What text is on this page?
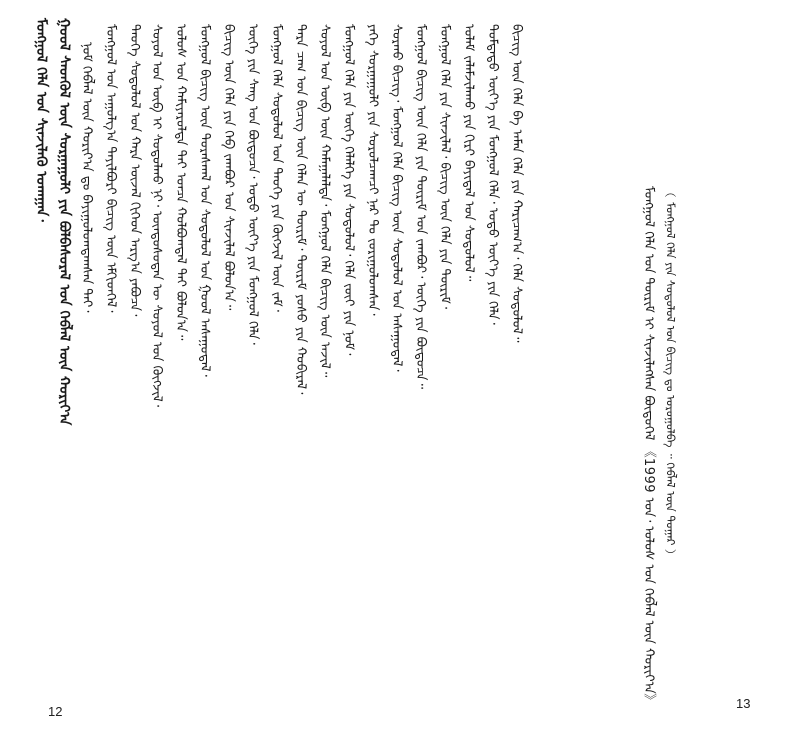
ᠮᠣᠩᠭᠣᠯ ᠬᠡᠯᠡ ᠤᠨ ᠰᠢᠨᠵᠢᠯᠡᠬᠦ ᠤᠬᠠᠭᠠᠨ᠂ ᠭᠤᠣᠯ ᠰᠡᠳᠬᠦᠯ ᠦᠨ ᠰᠤᠷᠭᠠᠭᠤᠯᠢ ᠶᠢᠨ ᠪᠣᠯᠪᠠᠰᠤᠷᠠᠯ ᠤᠨ ᠬᠡᠪᠯᠡᠯ ᠦᠨ ᠬᠣᠷᠢᠶ᠎ᠠ ᠨᠣᠮ ᠬᠡᠪᠯᠡᠯ ᠦᠨ ᠬᠣᠷᠢᠶ᠎ᠠ ᠳᠤ ᠪᠠᠶᠢᠭᠤᠯᠤᠭᠳᠠᠭᠰᠠᠨ ᠲᠠᠢ᠂ ᠮᠣᠩᠭᠣᠯ ᠤᠨ ᠠᠭᠤᠯᠭ᠎ᠠ ᠲᠠᠶᠢᠯᠪᠤᠷᠢ ᠪᠢᠴᠢᠭ ᠦᠨ ᠡᠮᠬᠢᠳᠬᠡᠯ᠂ ᠲᠡᠦᠬᠡ ᠰᠤᠳᠤᠯᠤᠯ ᠤᠨ ᠬᠠᠷᠠ ᠦᠵᠡᠯ ᠬᠢᠭᠡᠳ ᠠᠷᠭ᠎ᠠ ᠶᠠᠪᠤᠴᠠ᠂ ᠰᠣᠶᠣᠯ ᠤᠨ ᠥᠪ ᠢ ᠰᠤᠳᠤᠯᠬᠤ ᠨᠢ᠂ ᠦᠨᠳᠦᠰᠦᠲᠡᠨ ᠦ ᠰᠣᠶᠣᠯ ᠤᠨ ᠬᠥᠭᠵᠢᠯ᠂ ᠤᠯᠤᠰ ᠤᠨ ᠬᠠᠮᠢᠶᠠᠷᠤᠯᠲᠠ ᠲᠠᠢ ᠣᠨᠴᠠ ᠬᠣᠯᠪᠣᠭᠳᠠᠯ ᠲᠠᠢ ᠪᠣᠯᠤᠨ᠎ᠠ᠃ ᠮᠣᠩᠭᠣᠯ ᠪᠢᠴᠢᠭ ᠦᠨ ᠳᠤᠷᠠᠰᠬᠠᠯ ᠤᠨ ᠰᠤᠳᠤᠯᠤᠯ ᠤᠨ ᠭᠣᠣᠯ ᠠᠰᠠᠭᠤᠳᠠᠯ᠂ ᠪᠢᠴᠢᠭ᠌ ᠦᠨ ᠬᠡᠯᠡ ᠶᠢᠨ ᠬᠡᠪ ᠵᠠᠭᠪᠤᠷ ᠤᠨ ᠰᠢᠨᠵᠢᠯᠡᠯ ᠪᠣᠯᠤᠨ᠎ᠠ᠃ ᠦᠭᠡ ᠶᠢᠨ ᠰᠠᠩ ᠤᠨ ᠪᠦᠲᠦᠴᠡ᠂ ᠣᠳᠣ ᠦᠶ᠎ᠡ ᠶᠢᠨ ᠮᠣᠩᠭᠣᠯ ᠬᠡᠯᠡ᠂ ᠮᠣᠩᠭᠣᠯ ᠬᠡᠯᠡ ᠰᠤᠳᠤᠯᠤᠯ ᠤᠨ ᠲᠡᠦᠬᠡ ᠶᠢᠨ ᠬᠥᠭᠵᠢᠯ ᠦᠨ ᠵᠠᠮ᠂ ᠲᠡᠷᠡ ᠴᠠᠭ ᠤᠨ ᠪᠢᠴᠢᠭ ᠦᠨ ᠬᠡᠯᠡᠨ ᠦ ᠳᠦᠷᠢᠮ᠂ ᠳᠦᠷᠢᠮ ᠶᠣᠰᠣ ᠶᠢᠨ ᠬᠤᠪᠢᠷᠠᠯ᠂ ᠰᠣᠶᠣᠯ ᠤᠨ ᠥᠪ ᠦᠨ ᠬᠠᠮᠠᠭᠠᠯᠠᠯᠲᠠ᠂ ᠮᠣᠩᠭᠣᠯ ᠬᠡᠯᠡ ᠪᠢᠴᠢᠭ ᠦᠨ ᠠᠵᠢᠯ᠃ ᠮᠣᠩᠭᠣᠯ ᠬᠡᠯᠡ ᠶᠢᠨ ᠦᠭᠡ ᠬᠡᠯᠡᠯᠭᠡ ᠶᠢᠨ ᠰᠤᠳᠤᠯᠤᠯ᠂ ᠬᠡᠯᠡ ᠵᠦᠢ ᠶᠢᠨ ᠨᠣᠮ᠂ ᠶᠡᠬᠡ ᠰᠤᠷᠭᠠᠭᠤᠯᠢ ᠶᠢᠨ ᠰᠤᠷᠤᠯᠴᠠᠭᠴᠢ ᠨᠠᠷ ᠲᠤ ᠵᠣᠷᠢᠭᠤᠯᠤᠭᠰᠠᠨ᠂ ᠰᠤᠷᠬᠤ ᠪᠢᠴᠢᠭ᠂ ᠮᠣᠩᠭᠣᠯ ᠬᠡᠯᠡ ᠪᠢᠴᠢᠭ ᠦᠨ ᠰᠤᠳᠤᠯᠤᠯ ᠤᠨ ᠠᠰᠠᠭᠤᠳᠠᠯ᠂ ᠮᠣᠩᠭᠣᠯ ᠪᠢᠴᠢᠭ ᠦᠨ ᠬᠡᠯᠡ ᠶᠢᠨ ᠳᠦᠷᠢᠮ ᠤᠨ ᠵᠠᠭᠪᠤᠷ᠂ ᠦᠭᠡ ᠶᠢᠨ ᠪᠦᠲᠦᠴᠡ᠃ ᠮᠣᠩᠭᠣᠯ ᠬᠡᠯᠡ ᠶᠢᠨ ᠰᠢᠨᠵᠢᠯᠡᠯ᠂ ᠪᠢᠴᠢᠭ ᠦᠨ ᠬᠡᠯᠡ ᠶᠢᠨ ᠳᠦᠷᠢᠮ᠂ ᠤᠯᠠᠮ ᠵᠠᠯᠠᠮᠵᠢᠯᠠᠬᠤ ᠶᠢᠨ ᠬᠢᠷᠢ ᠪᠠᠶᠢᠳᠠᠯ ᠤᠨ ᠰᠤᠳᠤᠯᠤᠯ᠃ ᠳᠤᠮᠳᠠᠳᠤ ᠦᠶ᠎ᠡ ᠶᠢᠨ ᠮᠣᠩᠭᠣᠯ ᠬᠡᠯᠡ᠂ ᠣᠳᠣ ᠦᠶ᠎ᠡ ᠶᠢᠨ ᠬᠡᠯᠡ᠂ ᠪᠢᠴᠢᠭ ᠦᠨ ᠬᠡᠯᠡ ᠪᠠ ᠠᠮᠠᠨ ᠬᠡᠯᠡ ᠶᠢᠨ ᠬᠠᠷᠢᠴᠠᠭ᠎ᠠ᠂ ᠬᠡᠯᠡ ᠰᠤᠳᠤᠯᠤᠯ᠃
12
ᠮᠣᠩᠭᠣᠯ ᠬᠡᠯᠡ ᠤᠨ ᠳᠦᠷᠢᠮ ᠢ ᠰᠢᠨᠵᠢᠯᠡᠭᠰᠡᠨ ᠪᠦᠲᠦᠭᠡᠯ 《1999 ᠣᠨ᠂ ᠤᠯᠤᠰ ᠤᠨ ᠬᠡᠪᠯᠡᠯ ᠦᠨ ᠬᠣᠷᠢᠶ᠎ᠠ》 （ ᠮᠣᠩᠭᠣᠯ ᠬᠡᠯᠡ ᠶᠢᠨ ᠰᠤᠳᠤᠯᠤᠯ ᠤᠨ ᠪᠢᠴᠢᠭ ᠳᠤ ᠣᠷᠣᠭᠤᠯᠪᠠ ᠃ ᠬᠡᠪᠯᠡᠯ ᠦᠨ ᠳᠤᠭᠠᠷ ）
13
